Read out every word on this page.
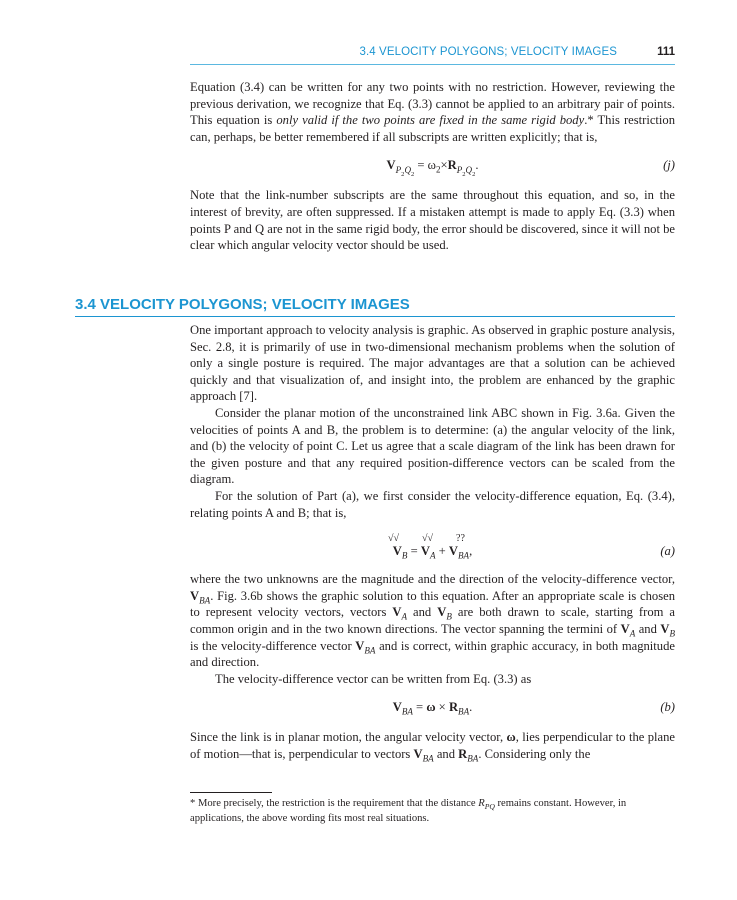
3.4 VELOCITY POLYGONS; VELOCITY IMAGES	111

Equation (3.4) can be written for any two points with no restriction. However, reviewing the previous derivation, we recognize that Eq. (3.3) cannot be applied to an arbitrary pair of points. This equation is only valid if the two points are fixed in the same rigid body.* This restriction can, perhaps, be better remembered if all subscripts are written explicitly; that is,

$V_{P_2Q_2} = \omega_2\times R_{P_2Q_2}$.	(j)

Note that the link-number subscripts are the same throughout this equation, and so, in the interest of brevity, are often suppressed. If a mistaken attempt is made to apply Eq. (3.3) when points P and Q are not in the same rigid body, the error should be discovered, since it will not be clear which angular velocity vector should be used.

3.4 VELOCITY POLYGONS; VELOCITY IMAGES

One important approach to velocity analysis is graphic. As observed in graphic posture analysis, Sec. 2.8, it is primarily of use in two-dimensional mechanism problems when the solution of only a single posture is required. The major advantages are that a solution can be achieved quickly and that visualization of, and insight into, the problem are enhanced by the graphic approach [7].

Consider the planar motion of the unconstrained link ABC shown in Fig. 3.6a. Given the velocities of points A and B, the problem is to determine: (a) the angular velocity of the link, and (b) the velocity of point C. Let us agree that a scale diagram of the link has been drawn for the given posture and that any required position-difference vectors can be scaled from the diagram.

For the solution of Part (a), we first consider the velocity-difference equation, Eq. (3.4), relating points A and B; that is,

√√ √√ ??
$V_B = V_A + V_{BA}$,	(a)

where the two unknowns are the magnitude and the direction of the velocity-difference vector, $V_{BA}$. Fig. 3.6b shows the graphic solution to this equation. After an appropriate scale is chosen to represent velocity vectors, vectors $V_A$ and $V_B$ are both drawn to scale, starting from a common origin and in the two known directions. The vector spanning the termini of $V_A$ and $V_B$ is the velocity-difference vector $V_{BA}$ and is correct, within graphic accuracy, in both magnitude and direction.

The velocity-difference vector can be written from Eq. (3.3) as

$V_{BA} = \omega \times R_{BA}$.	(b)

Since the link is in planar motion, the angular velocity vector, ω, lies perpendicular to the plane of motion—that is, perpendicular to vectors $V_{BA}$ and $R_{BA}$. Considering only the

* More precisely, the restriction is the requirement that the distance $R_{PQ}$ remains constant. However, in applications, the above wording fits most real situations.
